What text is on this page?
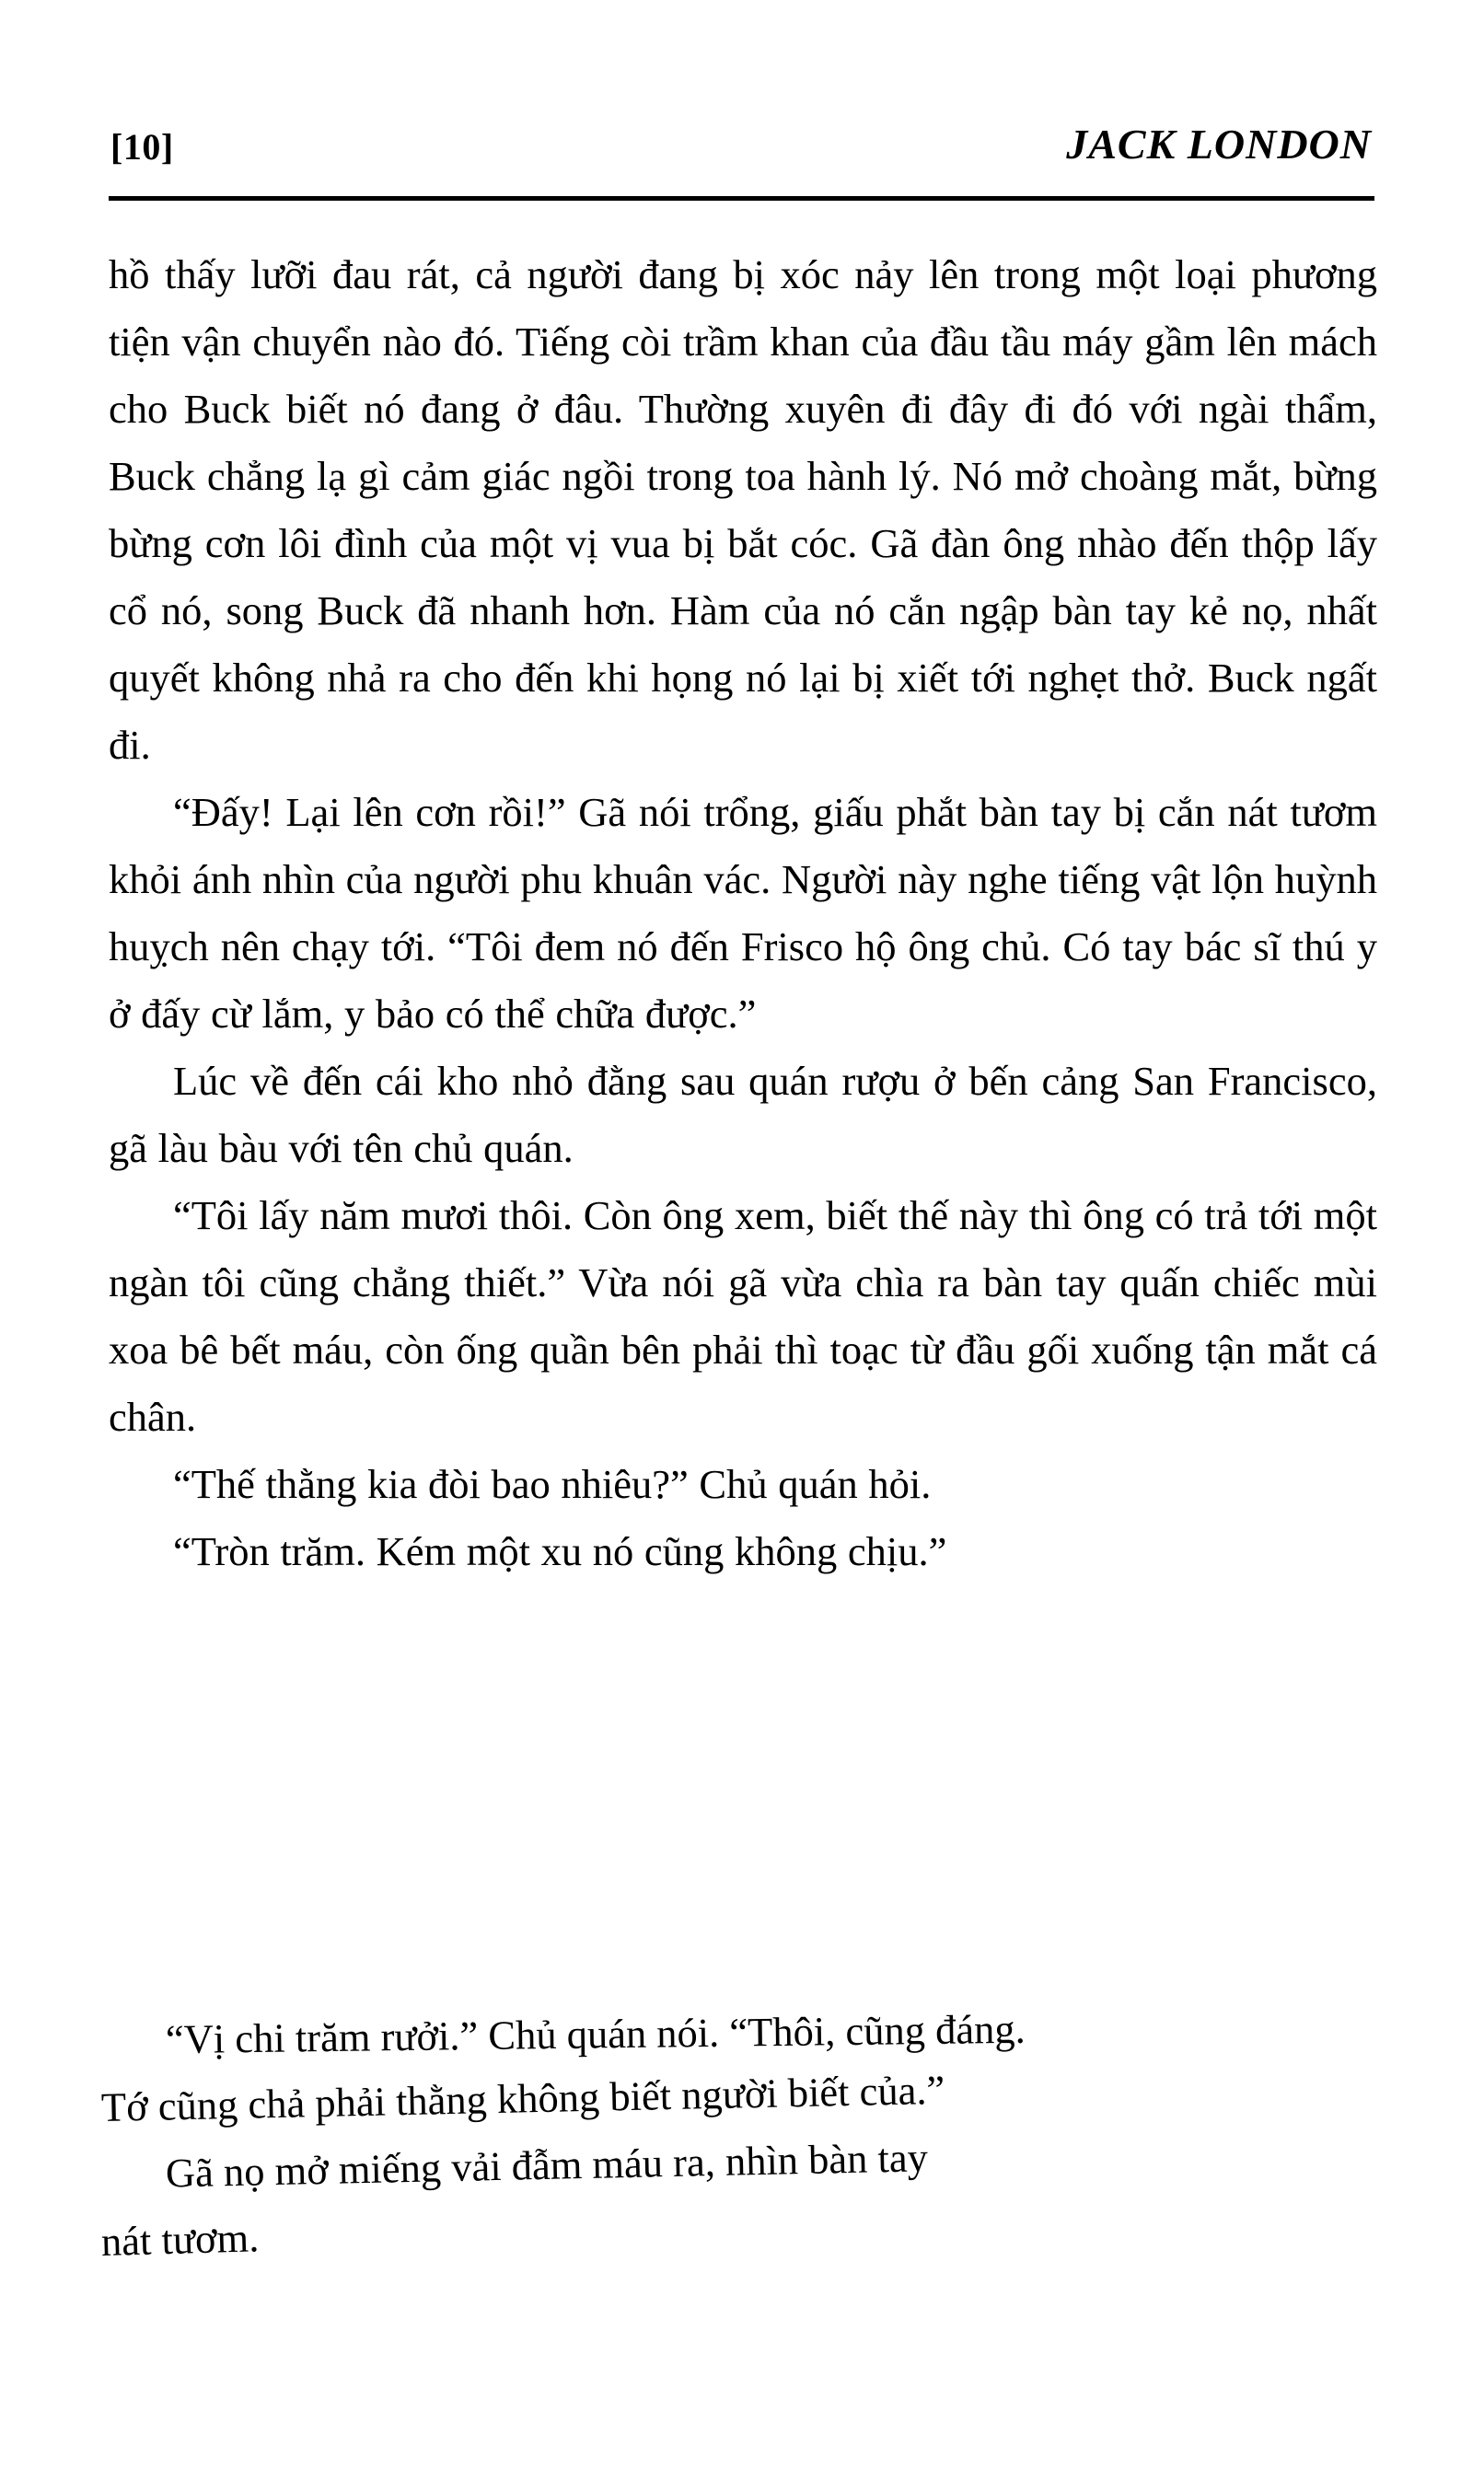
[10]	JACK LONDON

hồ thấy lưỡi đau rát, cả người đang bị xóc nảy lên trong một loại phương tiện vận chuyển nào đó. Tiếng còi trầm khan của đầu tầu máy gầm lên mách cho Buck biết nó đang ở đâu. Thường xuyên đi đây đi đó với ngài thẩm, Buck chẳng lạ gì cảm giác ngồi trong toa hành lý. Nó mở choàng mắt, bừng bừng cơn lôi đình của một vị vua bị bắt cóc. Gã đàn ông nhào đến thộp lấy cổ nó, song Buck đã nhanh hơn. Hàm của nó cắn ngập bàn tay kẻ nọ, nhất quyết không nhả ra cho đến khi họng nó lại bị xiết tới nghẹt thở. Buck ngất đi.

“Đấy! Lại lên cơn rồi!” Gã nói trổng, giấu phắt bàn tay bị cắn nát tươm khỏi ánh nhìn của người phu khuân vác. Người này nghe tiếng vật lộn huỳnh huỵch nên chạy tới. “Tôi đem nó đến Frisco hộ ông chủ. Có tay bác sĩ thú y ở đấy cừ lắm, y bảo có thể chữa được.”

Lúc về đến cái kho nhỏ đằng sau quán rượu ở bến cảng San Francisco, gã làu bàu với tên chủ quán.

“Tôi lấy năm mươi thôi. Còn ông xem, biết thế này thì ông có trả tới một ngàn tôi cũng chẳng thiết.” Vừa nói gã vừa chìa ra bàn tay quấn chiếc mùi xoa bê bết máu, còn ống quần bên phải thì toạc từ đầu gối xuống tận mắt cá chân.

“Thế thằng kia đòi bao nhiêu?” Chủ quán hỏi.

“Tròn trăm. Kém một xu nó cũng không chịu.”

“Vị chi trăm rưởi.” Chủ quán nói. “Thôi, cũng đáng.
Tớ cũng chả phải thằng không biết người biết của.”
Gã nọ mở miếng vải đẫm máu ra, nhìn bàn tay
nát tươm.
